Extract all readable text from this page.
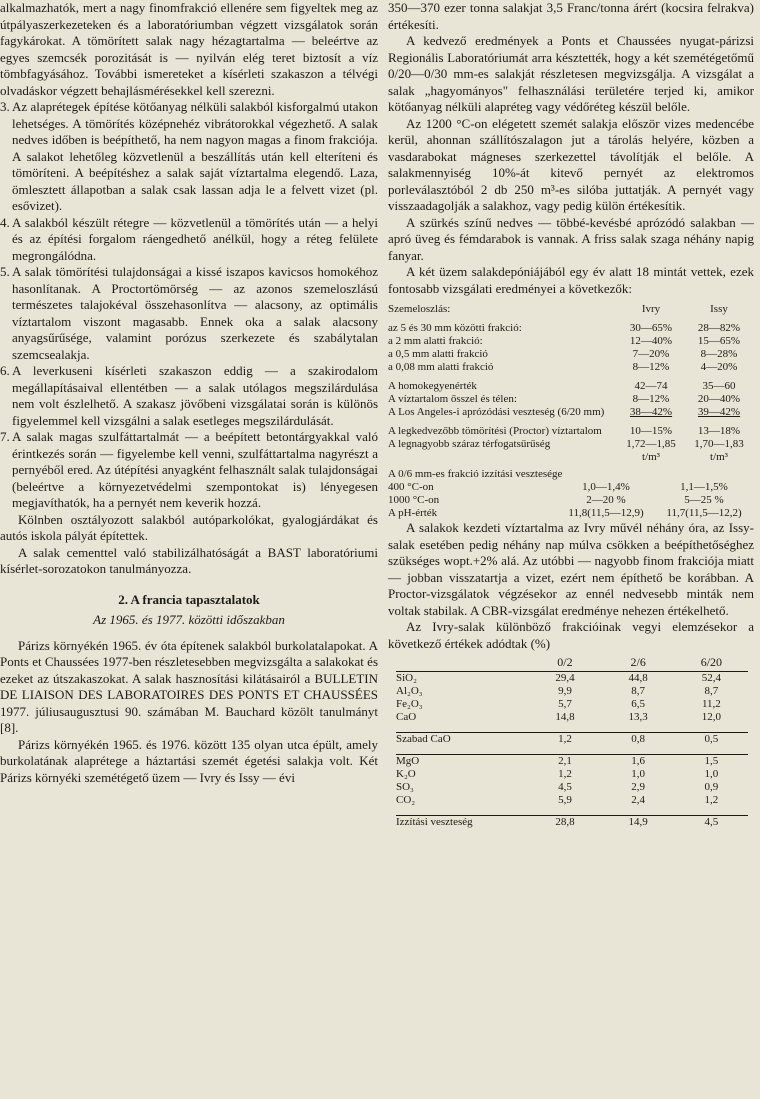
alkalmazhatók, mert a nagy finomfrakció ellenére sem figyeltek meg az útpályaszerkezeteken és a laboratóriumban végzett vizsgálatok során fagykárokat. A tömörített salak nagy hézagtartalma — beleértve az egyes szemcsék porozitását is — nyilván elég teret biztosít a víz tömbfagyásához. További ismereteket a kísérleti szakaszon a télvégi olvadáskor végzett behajlásmérésekkel kell szerezni.

3. Az alaprétegek építése kötőanyag nélküli salakból kisforgalmú utakon lehetséges. A tömörítés középnehéz vibrátorokkal végezhető. A salak nedves időben is beépíthető, ha nem nagyon magas a finom frakciója. A salakot lehetőleg közvetlenül a beszállítás után kell elteríteni és tömöríteni. A beépítéshez a salak saját víztartalma elegendő. Laza, ömlesztett állapotban a salak csak lassan adja le a felvett vizet (pl. esővizet).
4. A salakból készült rétegre — közvetlenül a tömörítés után — a helyi és az építési forgalom ráengedhető anélkül, hogy a réteg felülete megrongálódna.
5. A salak tömörítési tulajdonságai a kissé iszapos kavicsos homokéhoz hasonlítanak. A Proctortömörség — az azonos szemeloszlású természetes talajokéval összehasonlítva — alacsony, az optimális víztartalom viszont magasabb. Ennek oka a salak alacsony anyagsűrűsége, valamint porózus szerkezete és szabálytalan szemcsealakja.
6. A leverkuseni kísérleti szakaszon eddig — a szakirodalom megállapításaival ellentétben — a salak utólagos megszilárdulása nem volt észlelhető. A szakasz jövőbeni vizsgálatai során is különös figyelemmel kell vizsgálni a salak esetleges megszilárdulását.
7. A salak magas szulfáttartalmát — a beépített betontárgyakkal való érintkezés során — figyelembe kell venni, szulfáttartalma nagyrészt a pernyéből ered. Az útépítési anyagként felhasznált salak tulajdonságai (beleértve a környezetvédelmi szempontokat is) lényegesen megjavíthatók, ha a pernyét nem keverik hozzá.

Kölnben osztályozott salakból autóparkolókat, gyalogjárdákat és autós iskola pályát építettek.

A salak cementtel való stabilizálhatóságát a BAST laboratóriumi kísérlet-sorozatokon tanulmányozza.

2. A francia tapasztalatok
Az 1965. és 1977. közötti időszakban

Párizs környékén 1965. év óta építenek salakból burkolatalapokat. A Ponts et Chaussées 1977-ben részletesebben megvizsgálta a salakokat és ezeket az útszakaszokat. A salak hasznosítási kilátásairól a BULLETIN DE LIAISON DES LABORATOIRES DES PONTS ET CHAUSSÉES 1977. júliusaugusztusi 90. számában M. Bauchard közölt tanulmányt [8].

Párizs környékén 1965. és 1976. között 135 olyan utca épült, amely burkolatának alaprétege a háztartási szemét égetési salakja volt. Két Párizs környéki szemétégető üzem — Ivry és Issy — évi

350—370 ezer tonna salakjat 3,5 Franc/tonna árért (kocsira felrakva) értékesíti.

A kedvező eredmények a Ponts et Chaussées nyugat-párizsi Regionális Laboratóriumát arra késztették, hogy a két szemétégetőmű 0/20—0/30 mm-es salakját részletesen megvizsgálja. A vizsgálat a salak „hagyományos" felhasználási területére terjed ki, amikor kötőanyag nélküli alapréteg vagy védőréteg készül belőle.

Az 1200 °C-on elégetett szemét salakja először vizes medencébe kerül, ahonnan szállítószalagon jut a tárolás helyére, közben a vasdarabokat mágneses szerkezettel távolítják el belőle. A salakmennyiség 10%-át kitevő pernyét az elektromos porleválasztóból 2 db 250 m³-es silóba juttatják. A pernyét vagy visszaadagolják a salakhoz, vagy pedig külön értékesítik.

A szürkés színű nedves — többé-kevésbé aprózódó salakban — apró üveg és fémdarabok is vannak. A friss salak szaga néhány napig fanyar.

A két üzem salakdepóniájából egy év alatt 18 mintát vettek, ezek fontosabb vizsgálati eredményei a következők:

Szemeloszlás:	Ivry	Issy
az 5 és 30 mm közötti frakció:	30—65%	28—82%
a 2 mm alatti frakció:	12—40%	15—65%
a 0,5 mm alatti frakció	7—20%	8—28%
a 0,08 mm alatti frakció	8—12%	4—20%
A homokegyenérték	42—74	35—60
A víztartalom ősszel és télen:	8—12%	20—40%
A Los Angeles-i aprózódási veszteség (6/20 mm)	38—42%	39—42%
A legkedvezőbb tömörítési (Proctor) víztartalom	10—15%	13—18%
A legnagyobb száraz térfogatsűrűség	1,72—1,85 t/m³	1,70—1,83 t/m³
A 0/6 mm-es frakció izzítási vesztesége
400 °C-on	1,0—1,4%	1,1—1,5%
1000 °C-on	2—20 %	5—25 %
A pH-érték	11,8(11,5—12,9)	11,7(11,5—12,2)

A salakok kezdeti víztartalma az Ivry művél néhány óra, az Issy-salak esetében pedig néhány nap múlva csökken a beépíthetőséghez szükséges wopt.+2% alá. Az utóbbi — nagyobb finom frakciója miatt — jobban visszatartja a vizet, ezért nem építhető be korábban. A Proctor-vizsgálatok végzésekor az ennél nedvesebb minták nem voltak stabilak. A CBR-vizsgálat eredménye nehezen értékelhető.

Az Ivry-salak különböző frakcióinak vegyi elemzésekor a következő értékek adódtak (%)

	0/2	2/6	6/20
SiO₂	29,4	44,8	52,4
Al₂O₃	9,9	8,7	8,7
Fe₂O₃	5,7	6,5	11,2
CaO	14,8	13,3	12,0

Szabad CaO	1,2	0,8	0,5

MgO	2,1	1,6	1,5
K₂O	1,2	1,0	1,0
SO₃	4,5	2,9	0,9
CO₂	5,9	2,4	1,2

Izzítási veszteség	28,8	14,9	4,5
